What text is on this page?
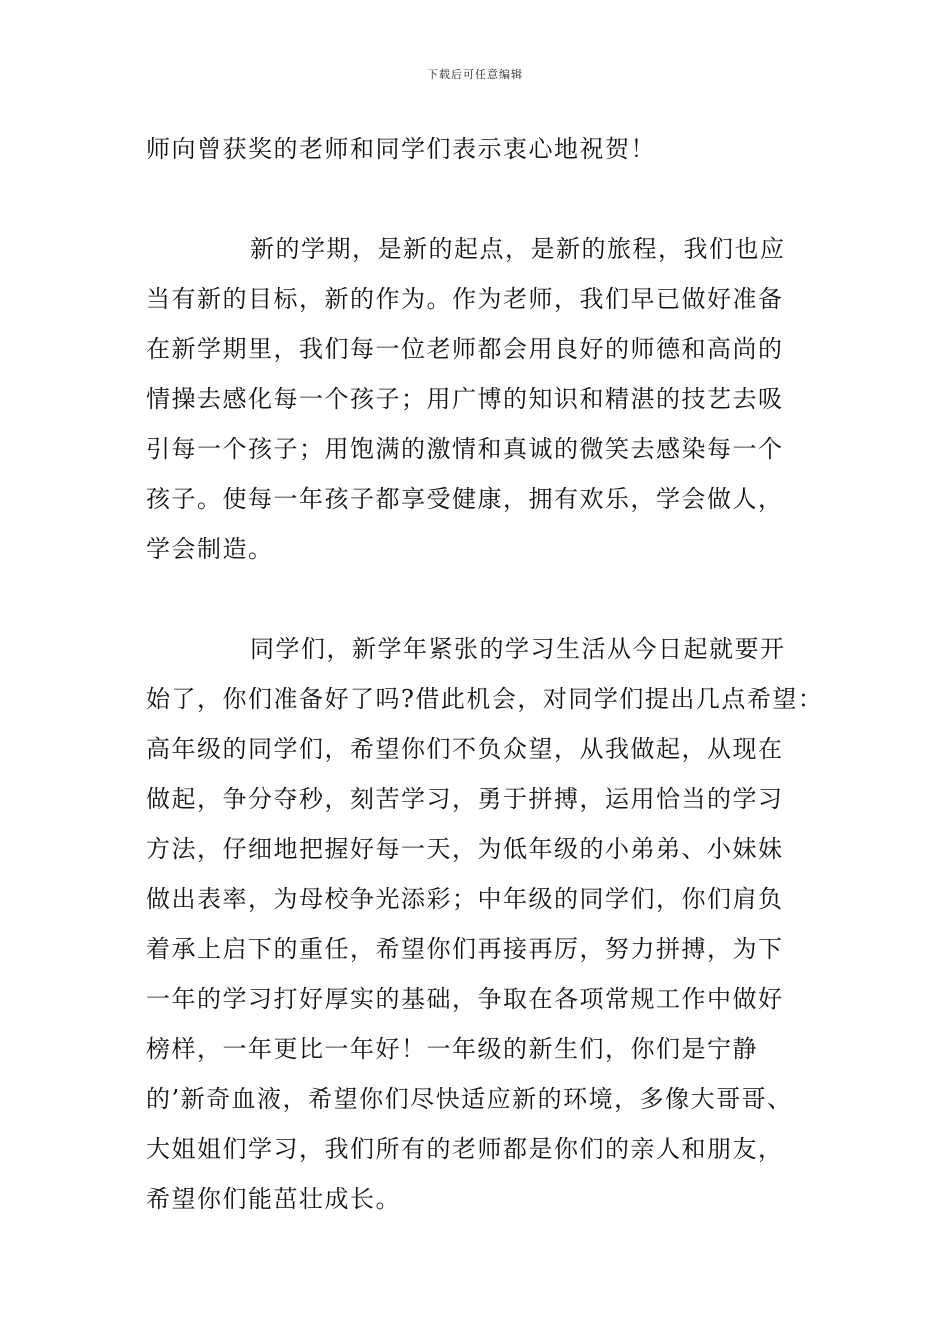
下载后可任意编辑
师向曾获奖的老师和同学们表示衷心地祝贺！
新的学期，是新的起点，是新的旅程，我们也应
当有新的目标，新的作为。作为老师，我们早已做好准备
在新学期里，我们每一位老师都会用良好的师德和高尚的
情操去感化每一个孩子；用广博的知识和精湛的技艺去吸
引每一个孩子；用饱满的激情和真诚的微笑去感染每一个
孩子。使每一年孩子都享受健康，拥有欢乐，学会做人，
学会制造。
同学们，新学年紧张的学习生活从今日起就要开
始了，你们准备好了吗?借此机会，对同学们提出几点希望：
高年级的同学们，希望你们不负众望，从我做起，从现在
做起，争分夺秒，刻苦学习，勇于拼搏，运用恰当的学习
方法，仔细地把握好每一天，为低年级的小弟弟、小妹妹
做出表率，为母校争光添彩；中年级的同学们，你们肩负
着承上启下的重任，希望你们再接再厉，努力拼搏，为下
一年的学习打好厚实的基础，争取在各项常规工作中做好
榜样，一年更比一年好！一年级的新生们，你们是宁静
的’新奇血液，希望你们尽快适应新的环境，多像大哥哥、
大姐姐们学习，我们所有的老师都是你们的亲人和朋友，
希望你们能茁壮成长。
